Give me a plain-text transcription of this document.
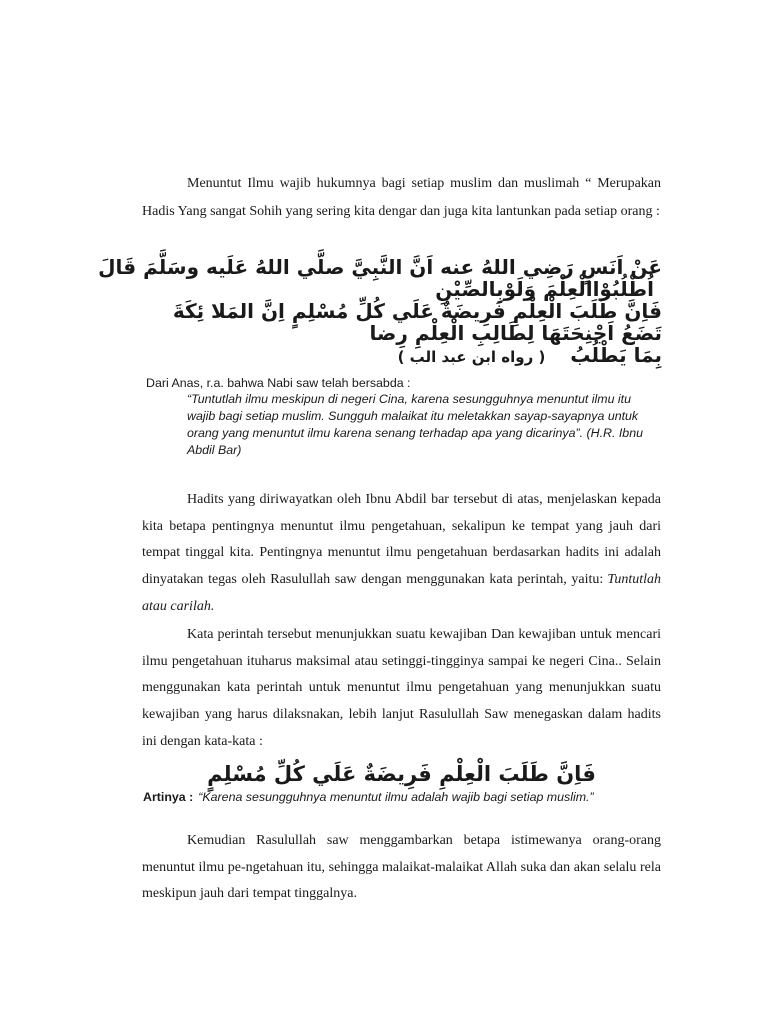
Menuntut Ilmu wajib hukumnya bagi setiap muslim dan muslimah “ Merupakan Hadis Yang sangat Sohih yang sering kita dengar dan juga kita lantunkan pada setiap orang :

عَنْ اَنَسٍ رَضِي اللهُ عنه اَنَّ النَّبِيَّ صلَّي اللهُ عَلَيه وسَلَّمَ قَالَ
اُطْلُبُوْاالْعِلْمَ وَلَوْبِالصِّيْنِ
فَاِنَّ طَلَبَ الْعِلْمِ فَرِيضَةٌ عَلَي كُلِّ مُسْلِمٍ اِنَّ المَلا ئِكَةَ
تَضَعُ اَجْنِحَتَهَا لِطَالِبِ الْعِلْمِ رِضا
بِمَا يَطْلُبُ ( رواه ابن عبد الب )

Dari Anas, r.a. bahwa Nabi saw telah bersabda :

“Tuntutlah ilmu meskipun di negeri Cina, karena sesungguhnya menuntut ilmu itu wajib bagi setiap muslim. Sungguh malaikat itu meletakkan sayap-sayapnya untuk orang yang menuntut ilmu karena senang terhadap apa yang dicarinya”. (H.R. Ibnu Abdil Bar)

Hadits yang diriwayatkan oleh Ibnu Abdil bar tersebut di atas, menjelaskan kepada kita betapa pentingnya menuntut ilmu pengetahuan, sekalipun ke tempat yang jauh dari tempat tinggal kita. Pentingnya menuntut ilmu pengetahuan berdasarkan hadits ini adalah dinyatakan tegas oleh Rasulullah saw dengan menggunakan kata perintah, yaitu: Tuntutlah atau carilah.

Kata perintah tersebut menunjukkan suatu kewajiban Dan kewajiban untuk mencari ilmu pengetahuan ituharus maksimal atau setinggi-tingginya sampai ke negeri Cina.. Selain menggunakan kata perintah untuk menuntut ilmu pengetahuan yang menunjukkan suatu kewajiban yang harus dilaksnakan, lebih lanjut Rasulullah Saw menegaskan dalam hadits ini dengan kata-kata :

فَاِنَّ طَلَبَ الْعِلْمِ فَرِيضَةٌ عَلَي كُلِّ مُسْلِمٍ

Artinya : “Karena sesungguhnya menuntut ilmu adalah wajib bagi setiap muslim.”

Kemudian Rasulullah saw menggambarkan betapa istimewanya orang-orang menuntut ilmu pe-ngetahuan itu, sehingga malaikat-malaikat Allah suka dan akan selalu rela meskipun jauh dari tempat tinggalnya.
